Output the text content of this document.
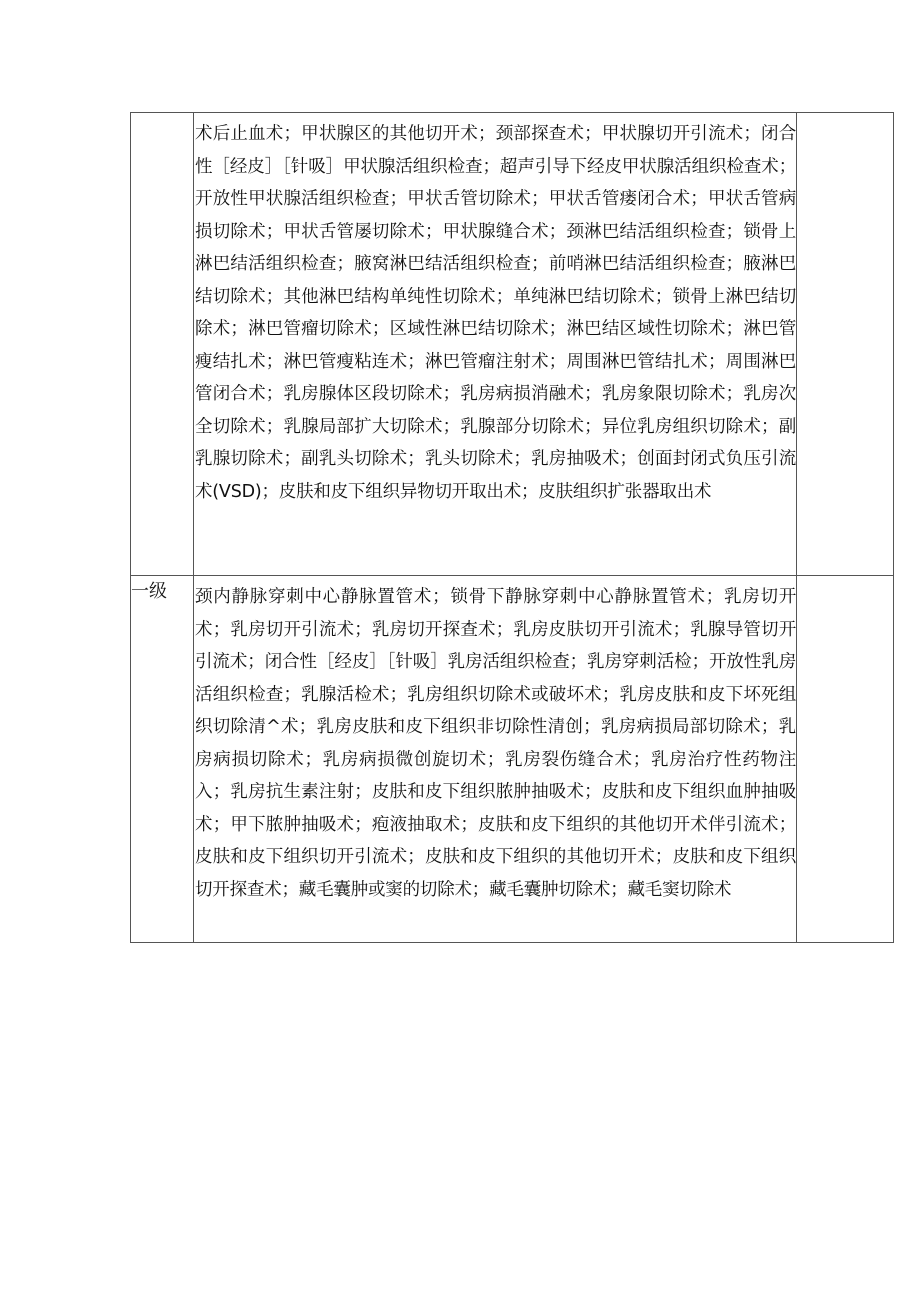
	术后止血术；甲状腺区的其他切开术；颈部探查术；甲状腺切开引流术；闭合性［经皮］［针吸］甲状腺活组织检查；超声引导下经皮甲状腺活组织检查术；开放性甲状腺活组织检查；甲状舌管切除术；甲状舌管瘘闭合术；甲状舌管病损切除术；甲状舌管屡切除术；甲状腺缝合术；颈淋巴结活组织检查；锁骨上淋巴结活组织检查；腋窝淋巴结活组织检查；前哨淋巴结活组织检查；腋淋巴结切除术；其他淋巴结构单纯性切除术；单纯淋巴结切除术；锁骨上淋巴结切除术；淋巴管瘤切除术；区域性淋巴结切除术；淋巴结区域性切除术；淋巴管瘦结扎术；淋巴管瘦粘连术；淋巴管瘤注射术；周围淋巴管结扎术；周围淋巴管闭合术；乳房腺体区段切除术；乳房病损消融术；乳房象限切除术；乳房次全切除术；乳腺局部扩大切除术；乳腺部分切除术；异位乳房组织切除术；副乳腺切除术；副乳头切除术；乳头切除术；乳房抽吸术；创面封闭式负压引流术(VSD)；皮肤和皮下组织异物切开取出术；皮肤组织扩张器取出术	

一级	颈内静脉穿刺中心静脉置管术；锁骨下静脉穿刺中心静脉置管术；乳房切开术；乳房切开引流术；乳房切开探查术；乳房皮肤切开引流术；乳腺导管切开引流术；闭合性［经皮］［针吸］乳房活组织检查；乳房穿刺活检；开放性乳房活组织检查；乳腺活检术；乳房组织切除术或破坏术；乳房皮肤和皮下坏死组织切除清^术；乳房皮肤和皮下组织非切除性清创；乳房病损局部切除术；乳房病损切除术；乳房病损微创旋切术；乳房裂伤缝合术；乳房治疗性药物注入；乳房抗生素注射；皮肤和皮下组织脓肿抽吸术；皮肤和皮下组织血肿抽吸术；甲下脓肿抽吸术；疱液抽取术；皮肤和皮下组织的其他切开术伴引流术；皮肤和皮下组织切开引流术；皮肤和皮下组织的其他切开术；皮肤和皮下组织切开探查术；藏毛囊肿或窦的切除术；藏毛囊肿切除术；藏毛窦切除术	
